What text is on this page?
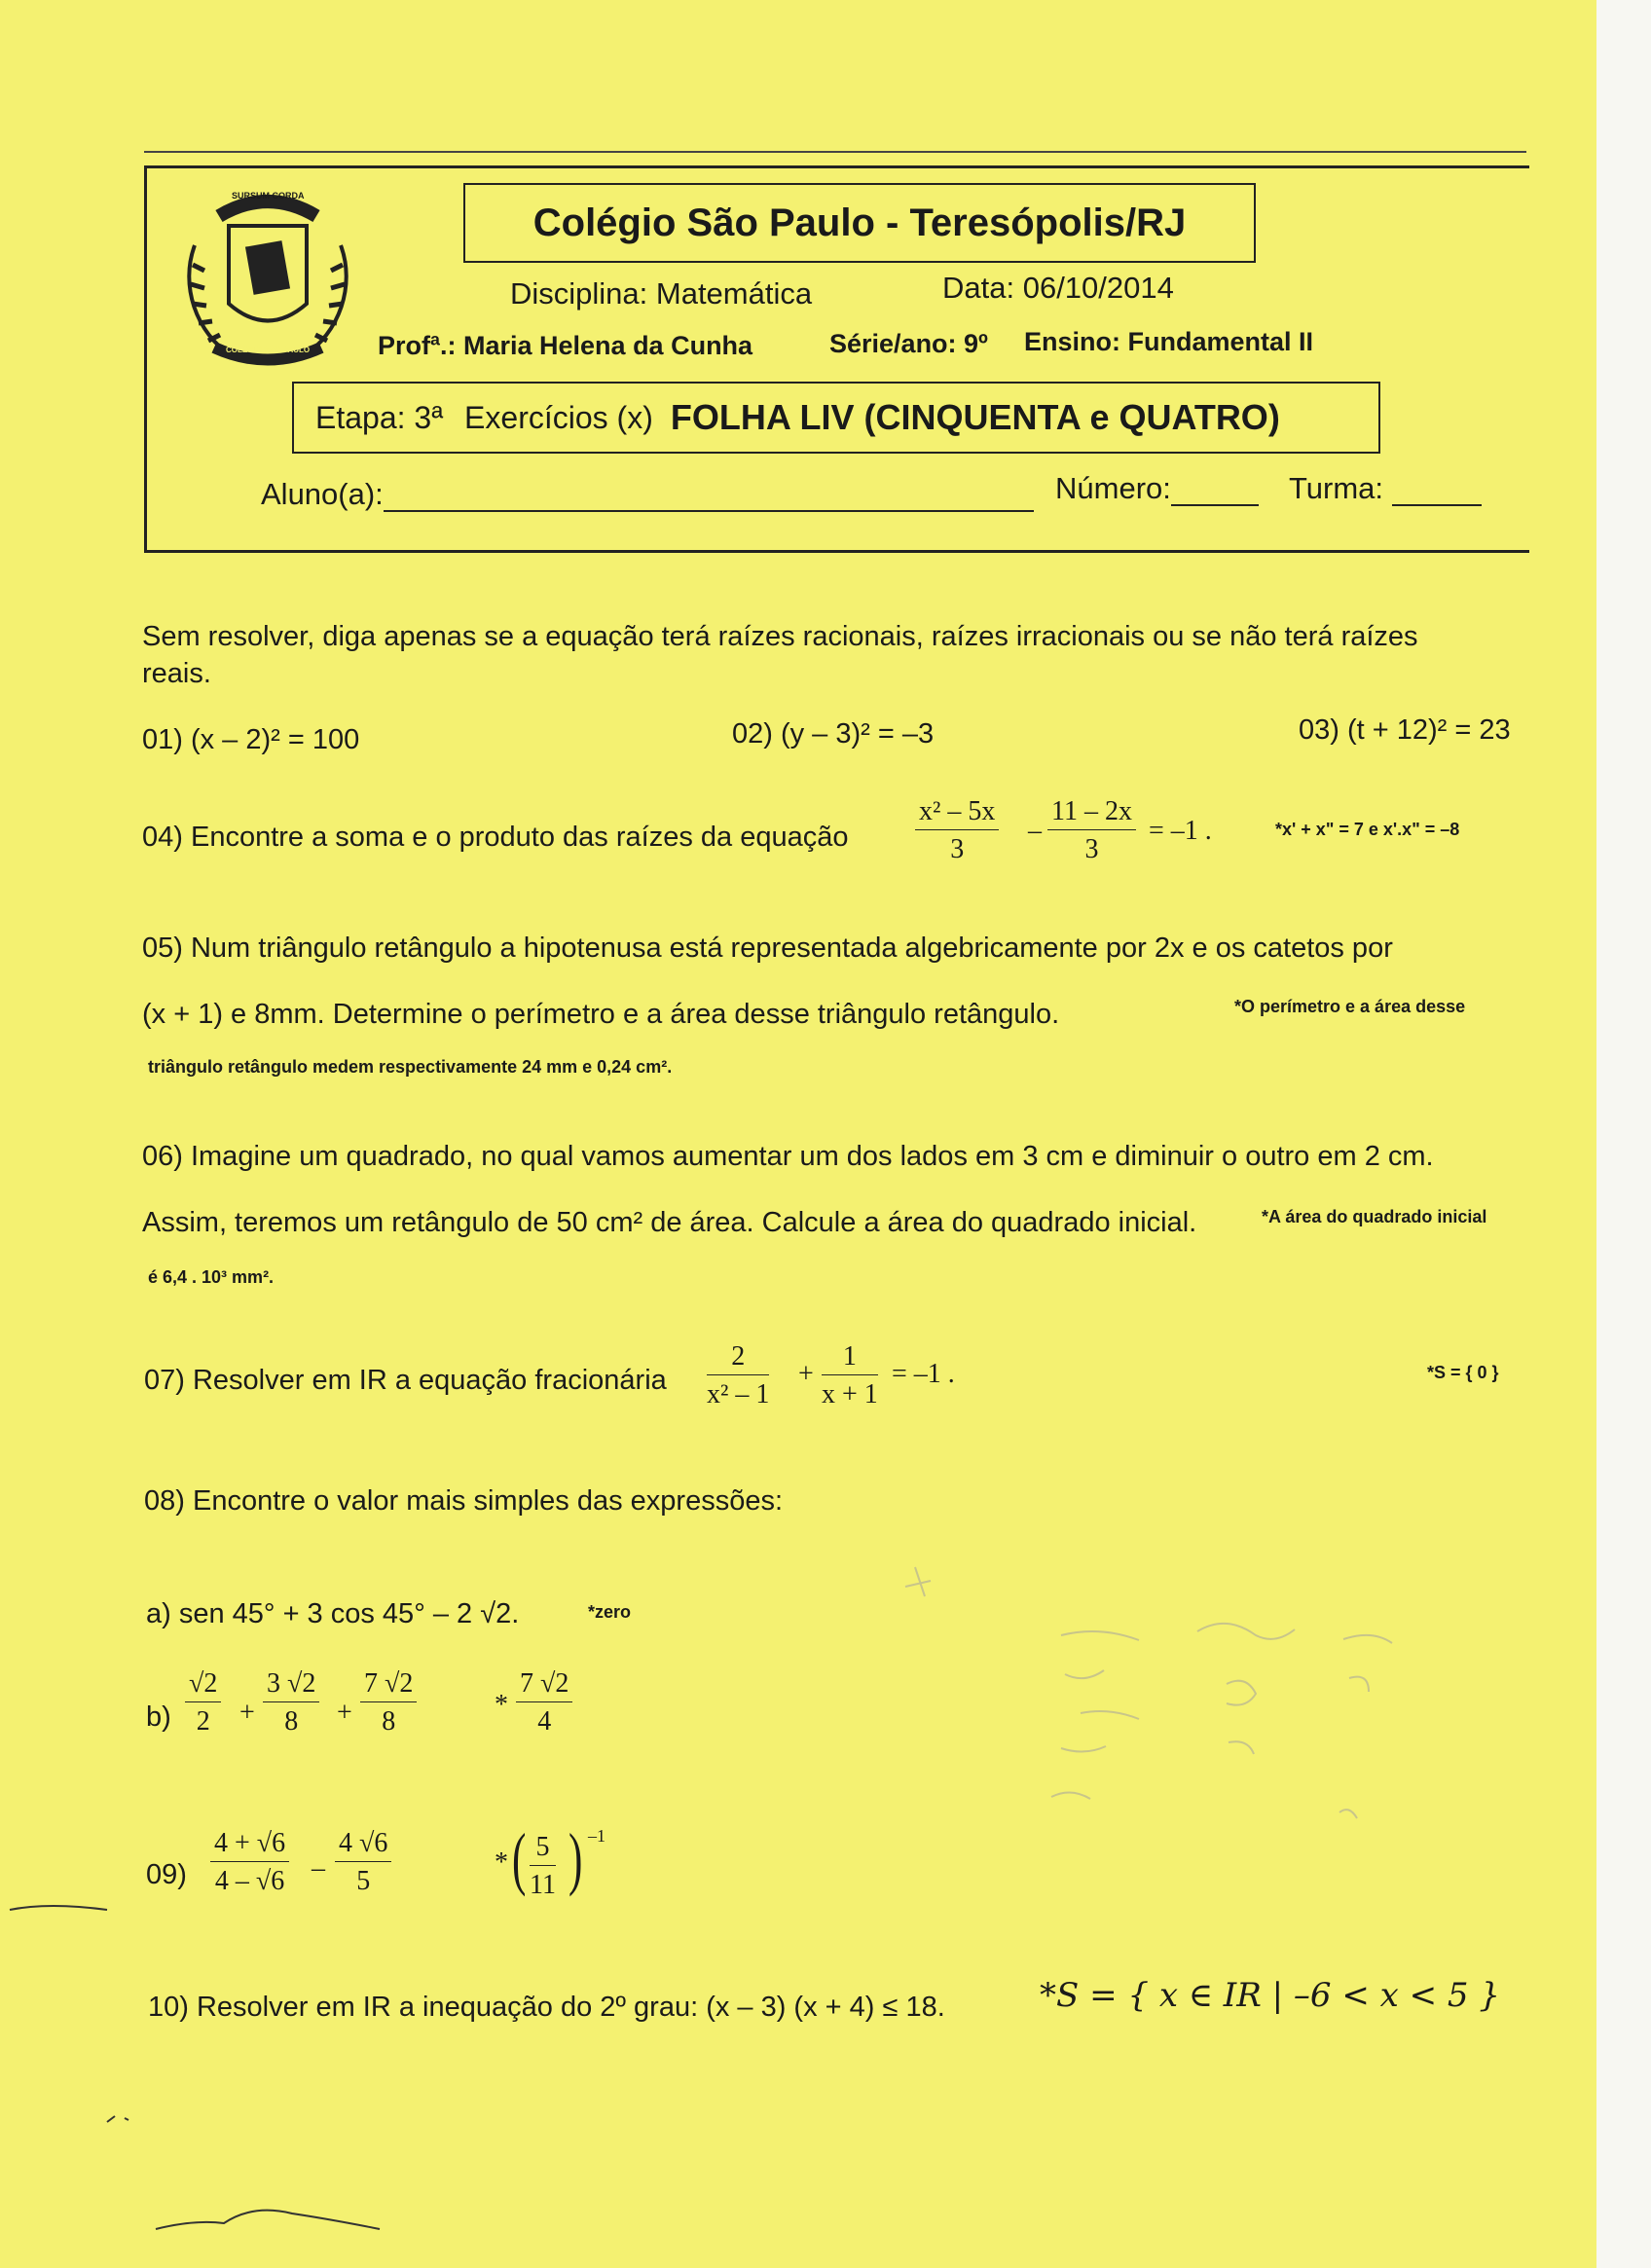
SURSUM CORDA
COLÉGIO SÃO PAULO
Colégio São Paulo - Teresópolis/RJ
Disciplina: Matemática	Data: 06/10/2014
Profª.: Maria Helena da Cunha	Série/ano: 9º Ensino: Fundamental II
Etapa: 3ª Exercícios (x) FOLHA LIV (CINQUENTA e QUATRO)
Aluno(a):	Número:	Turma:
Sem resolver, diga apenas se a equação terá raízes racionais, raízes irracionais ou se não terá raízes
reais.
01) (x – 2)² = 100	02) (y – 3)² = –3	03) (t + 12)² = 23
04) Encontre a soma e o produto das raízes da equação $\frac{\text{x² – 5x}}{3} - \frac{11 - 2x}{3} = -1$ .	*x' + x" = 7 e x'.x" = –8
05) Num triângulo retângulo a hipotenusa está representada algebricamente por 2x e os catetos por
(x + 1) e 8mm. Determine o perímetro e a área desse triângulo retângulo.	*O perímetro e a área desse
triângulo retângulo medem respectivamente 24 mm e 0,24 cm².
06) Imagine um quadrado, no qual vamos aumentar um dos lados em 3 cm e diminuir o outro em 2 cm.
Assim, teremos um retângulo de 50 cm² de área. Calcule a área do quadrado inicial.	*A área do quadrado inicial
é 6,4 . 10³ mm².
07) Resolver em IR a equação fracionária $\frac{2}{\text{x² – 1}} + \frac{1}{x + 1} = -1$ .	*S = { 0 }
08) Encontre o valor mais simples das expressões:
a) sen 45° + 3 cos 45° – 2 √2.	*zero
$b) \frac{√2}{2} + \frac{3 √2}{8} + \frac{7 √2}{8}$	* $\frac{7 √2}{4}$
$09) \frac{4 + √6}{4 - √6} - \frac{4 √6}{5}$	* ( $\frac{5}{11}$ ) –1
10) Resolver em IR a inequação do 2º grau: (x – 3) (x + 4) ≤ 18.	*S = { x ∈ IR | –6 < x < 5 }
